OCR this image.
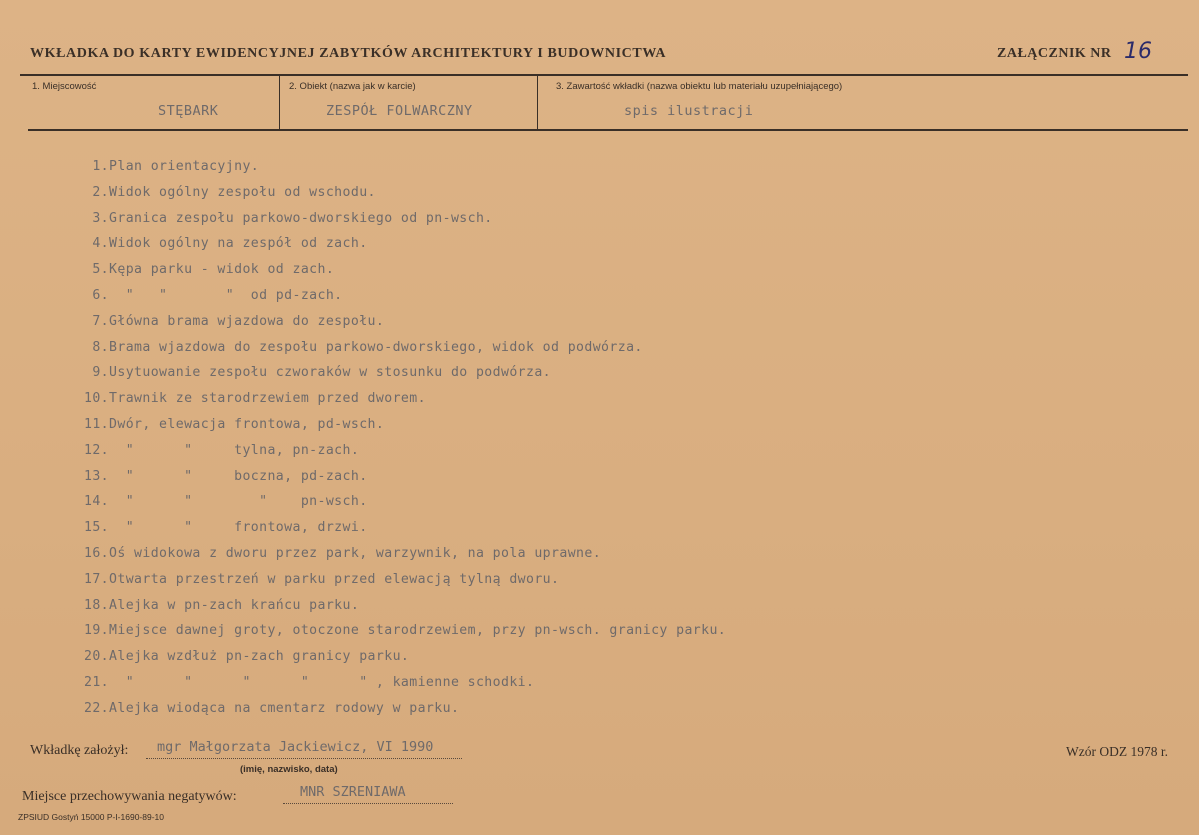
WKŁADKA DO KARTY EWIDENCYJNEJ ZABYTKÓW ARCHITEKTURY I BUDOWNICTWA	ZAŁĄCZNIK NR 16
1. Miejscowość
STĘBARK
2. Obiekt (nazwa jak w karcie)
ZESPÓŁ FOLWARCZNY
3. Zawartość wkładki (nazwa obiektu lub materiału uzupełniającego)
spis ilustracji
1.Plan orientacyjny.
2.Widok ogólny zespołu od wschodu.
3.Granica zespołu parkowo-dworskiego od pn-wsch.
4.Widok ogólny na zespół od zach.
5.Kępa parku - widok od zach.
6.  "   "       "  od pd-zach.
7.Główna brama wjazdowa do zespołu.
8.Brama wjazdowa do zespołu parkowo-dworskiego, widok od podwórza.
9.Usytuowanie zespołu czworaków w stosunku do podwórza.
10.Trawnik ze starodrzewiem przed dworem.
11.Dwór, elewacja frontowa, pd-wsch.
12.  "      "     tylna, pn-zach.
13.  "      "     boczna, pd-zach.
14.  "      "        "    pn-wsch.
15.  "      "     frontowa, drzwi.
16.Oś widokowa z dworu przez park, warzywnik, na pola uprawne.
17.Otwarta przestrzeń w parku przed elewacją tylną dworu.
18.Alejka w pn-zach krańcu parku.
19.Miejsce dawnej groty, otoczone starodrzewiem, przy pn-wsch. granicy parku.
20.Alejka wzdłuż pn-zach granicy parku.
21.  "      "      "      "      " , kamienne schodki.
22.Alejka wiodąca na cmentarz rodowy w parku.
Wkładkę założył: mgr Małgorzata Jackiewicz, VI 1990
(imię, nazwisko, data)
Wzór ODZ 1978 r.
Miejsce przechowywania negatywów:	MNR SZRENIAWA
ZPSIUD Gostyń 15000 P-I-1690-89-10
